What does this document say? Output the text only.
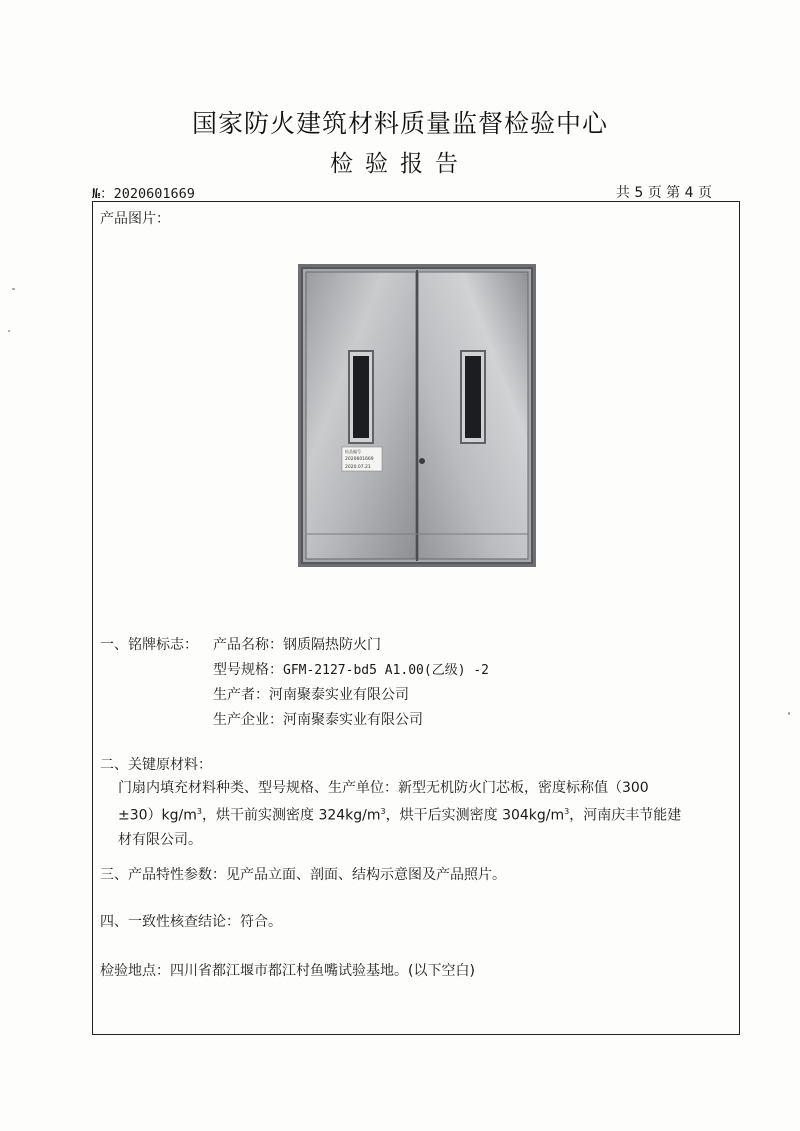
国家防火建筑材料质量监督检验中心
检验报告
№：2020601669	共 5 页 第 4 页
产品图片：
检品编号
2020601669
2020.07.21
一、铭牌标志： 产品名称：钢质隔热防火门
型号规格：GFM-2127-bd5 A1.00(乙级) -2
生产者：河南聚泰实业有限公司
生产企业：河南聚泰实业有限公司
二、关键原材料：
门扇内填充材料种类、型号规格、生产单位：新型无机防火门芯板，密度标称值（300
$\pm 30)kg/m^3$，烘干前实测密度 $324kg/m^3$，烘干后实测密度 $304kg/m^3$，河南庆丰节能建
材有限公司。
三、产品特性参数：见产品立面、剖面、结构示意图及产品照片。
四、一致性核查结论：符合。
检验地点：四川省都江堰市都江村鱼嘴试验基地。(以下空白)
